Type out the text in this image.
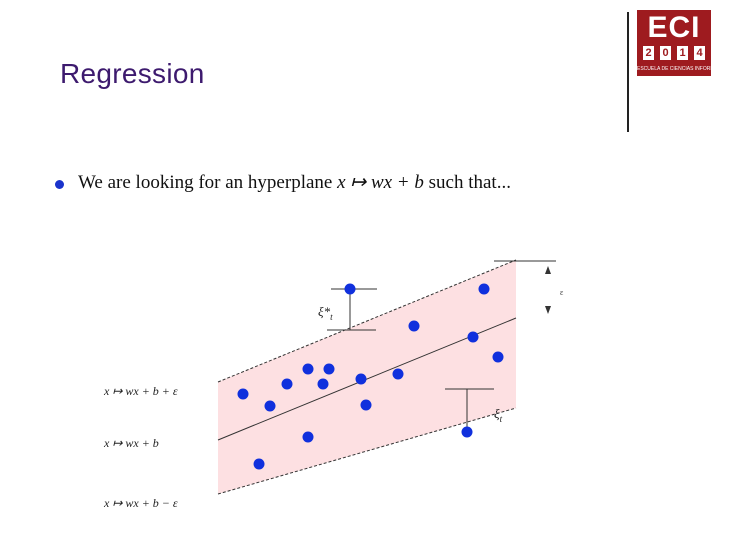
Regression
ECI
2 0 1 4
ESCUELA DE CIENCIAS INFORMÁTICAS
We are looking for an hyperplane x ↦ wx + b such that...
ε
$\xi*_t$
$\xi_t$
x ↦ wx + b + ε
x ↦ wx + b
x ↦ wx + b − ε
